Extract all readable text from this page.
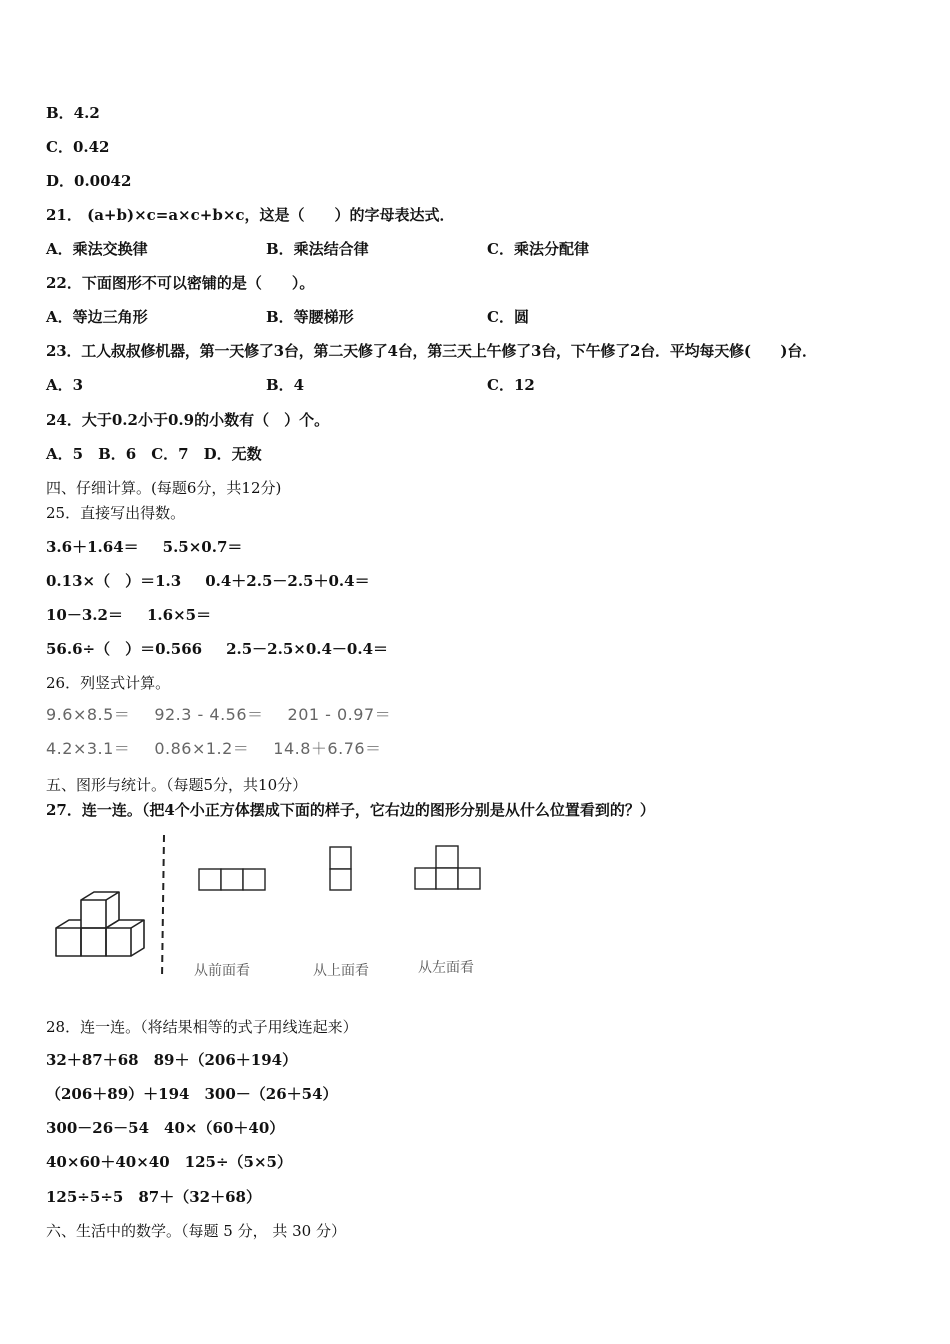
B．4.2
C．0.42
D．0.0042
21． (a+b)×c=a×c+b×c，这是（　　）的字母表达式．
A．乘法交换律	B．乘法结合律	C．乘法分配律
22．下面图形不可以密铺的是（　　）。
A．等边三角形	B．等腰梯形	C．圆
23．工人叔叔修机器，第一天修了3台，第二天修了4台，第三天上午修了3台，下午修了2台．平均每天修(　　)台．
A．3	B．4	C．12
24．大于0.2小于0.9的小数有（　）个。
A．5　B．6　C．7　D．无数
四、仔细计算。(每题6分，共12分)
25．直接写出得数。
3.6＋1.64＝ 5.5×0.7＝
0.13×（　）＝1.3 0.4＋2.5－2.5＋0.4＝
10－3.2＝ 1.6×5＝
56.6÷（　）＝0.566 2.5－2.5×0.4－0.4＝
26．列竖式计算。
9.6×8.5＝ 92.3 - 4.56＝ 201 - 0.97＝
4.2×3.1＝ 0.86×1.2＝ 14.8＋6.76＝
五、图形与统计。（每题5分，共10分）
27．连一连。（把4个小正方体摆成下面的样子，它右边的图形分别是从什么位置看到的？）
从前面看	从上面看	从左面看
28．连一连。（将结果相等的式子用线连起来）
32＋87＋68　89＋（206＋194）
（206＋89）＋194　300－（26＋54）
300－26－54　40×（60＋40）
40×60＋40×40　125÷（5×5）
125÷5÷5　87＋（32＋68）
六、生活中的数学。（每题 5 分， 共 30 分）
